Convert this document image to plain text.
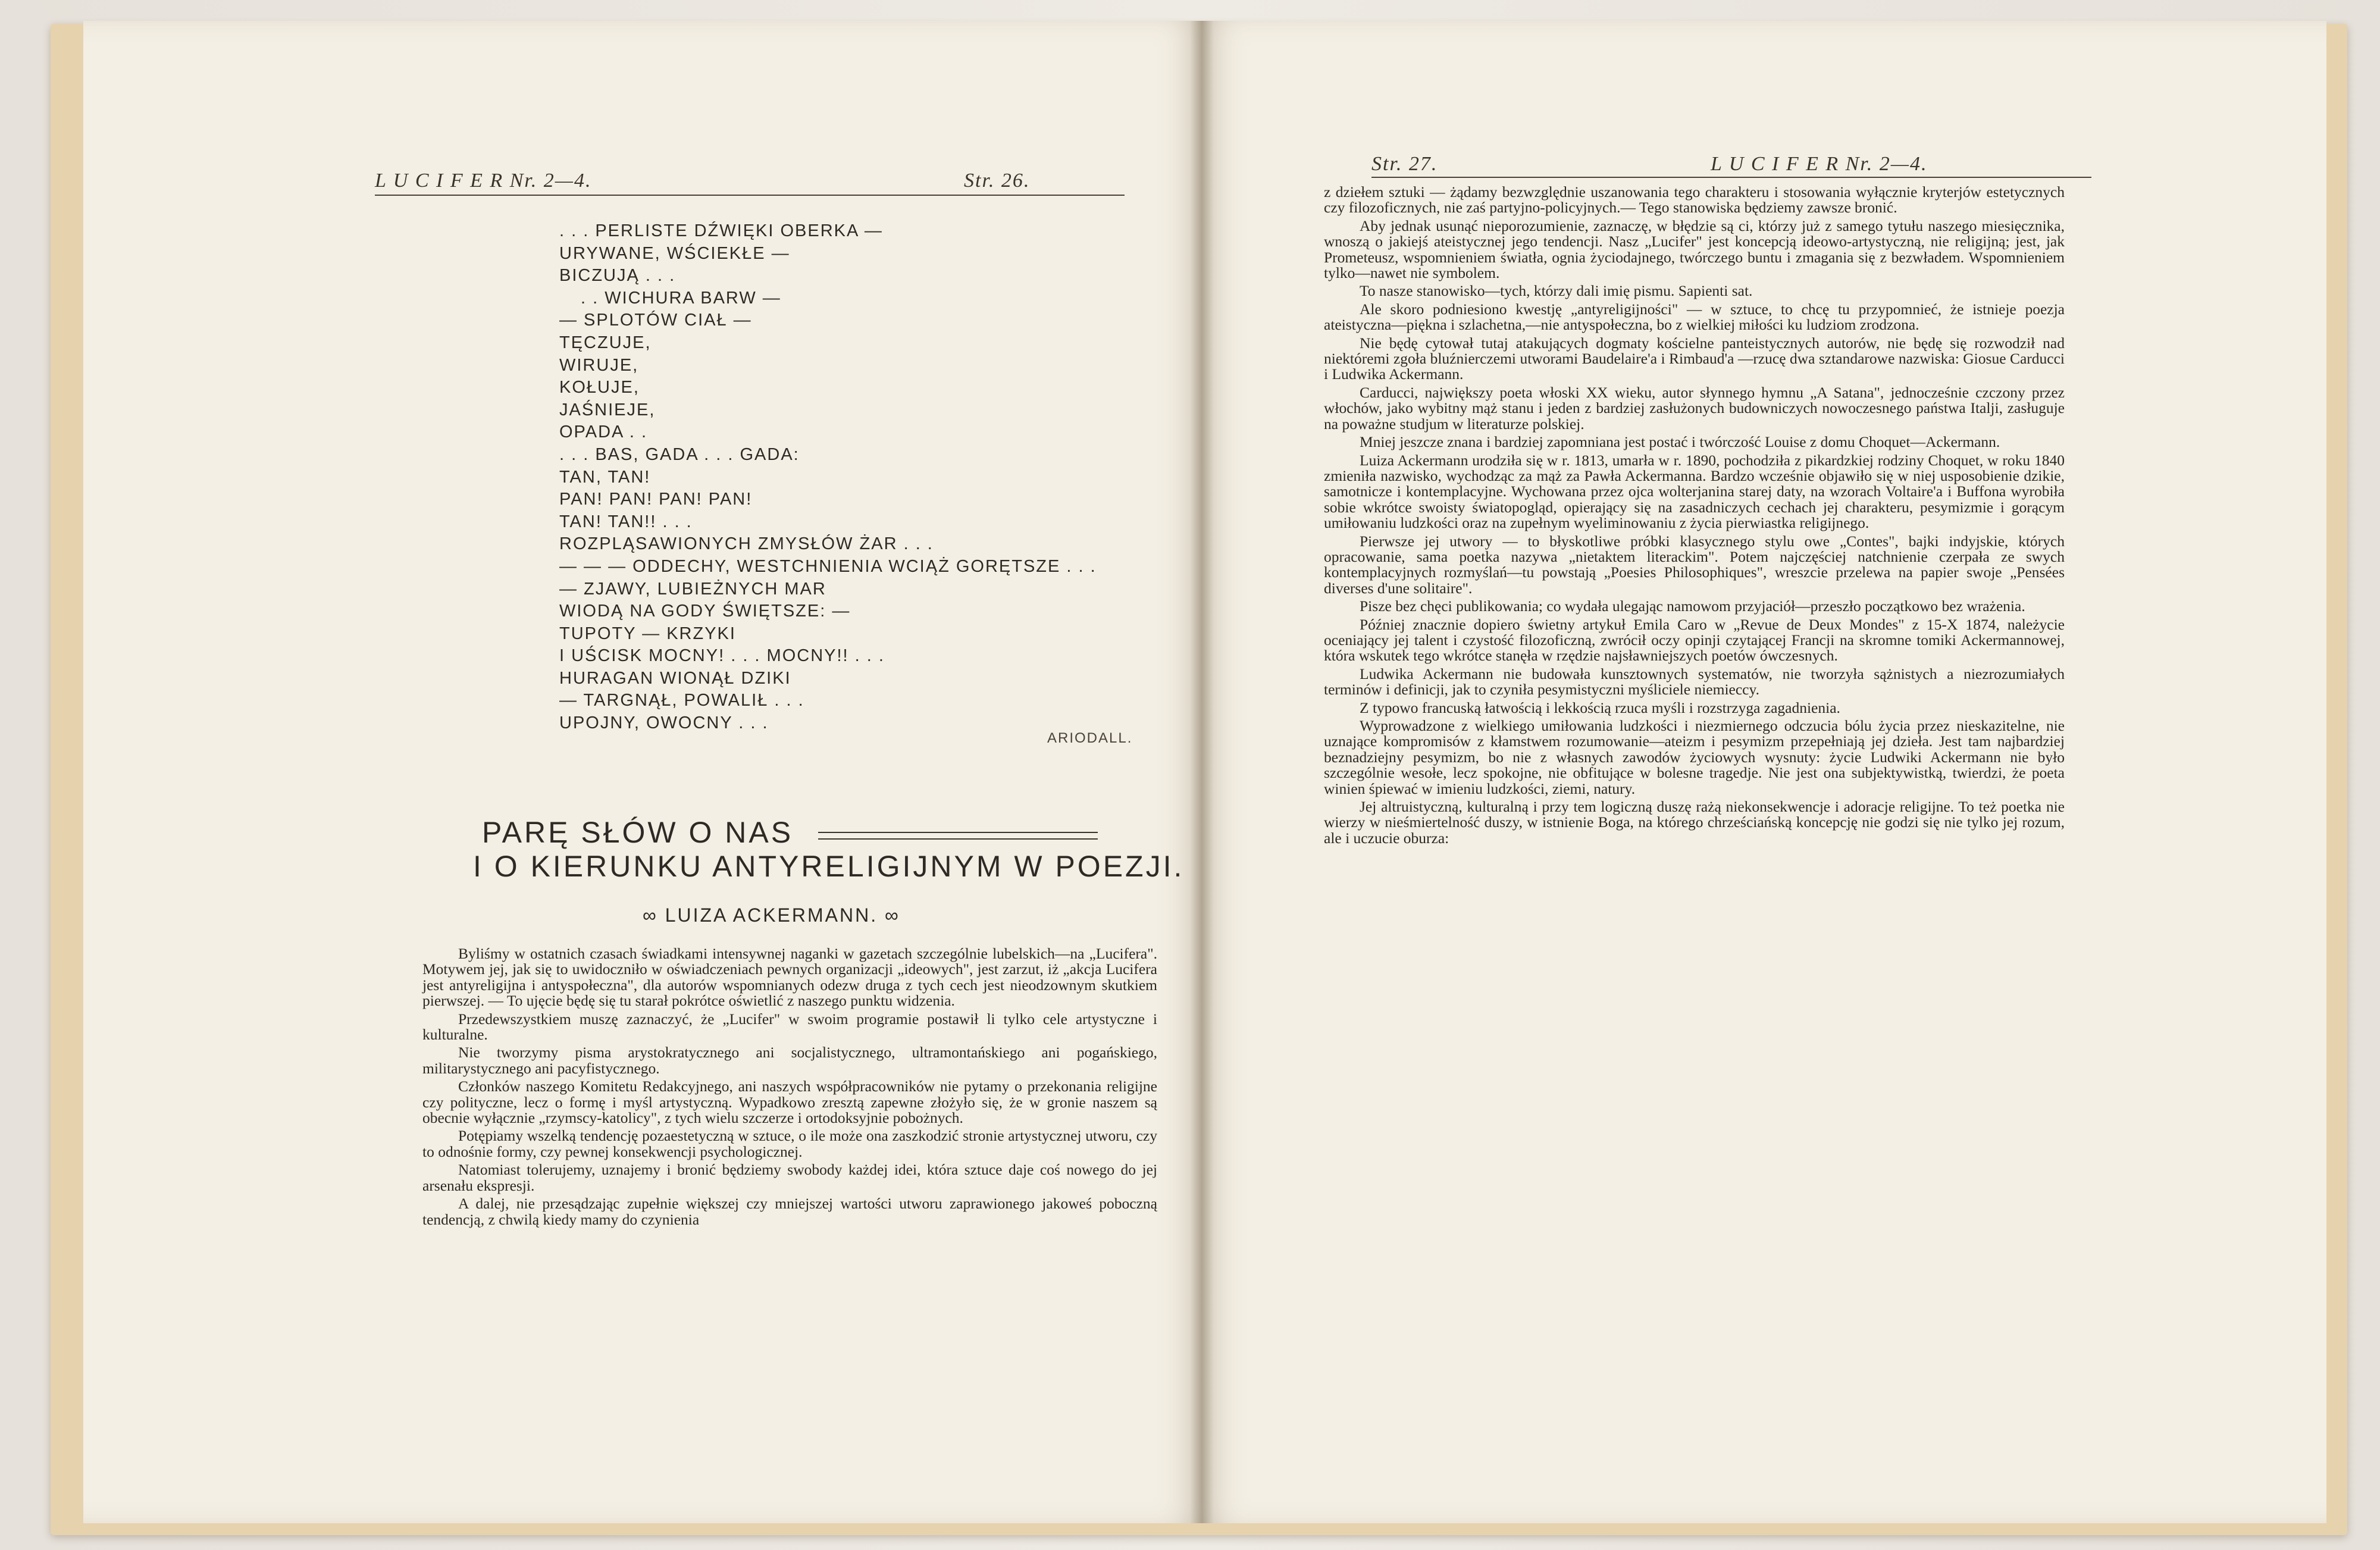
L U C I F E R Nr. 2—4.	Str. 26.
. . . PERLISTE DŹWIĘKI OBERKA —
URYWANE, WŚCIEKŁE —
BICZUJĄ . . .
. . WICHURA BARW —
— SPLOTÓW CIAŁ —
TĘCZUJE,
WIRUJE,
KOŁUJE,
JAŚNIEJE,
OPADA . .
. . . BAS, GADA . . . GADA:
TAN, TAN!
PAN! PAN! PAN! PAN!
TAN! TAN!! . . .
ROZPLĄSAWIONYCH ZMYSŁÓW ŻAR . . .
— — — ODDECHY, WESTCHNIENIA WCIĄŻ GORĘTSZE . . .
— ZJAWY, LUBIEŻNYCH MAR
WIODĄ NA GODY ŚWIĘTSZE: —
TUPOTY — KRZYKI
I UŚCISK MOCNY! . . . MOCNY!! . . .
HURAGAN WIONĄŁ DZIKI
— TARGNĄŁ, POWALIŁ . . .
UPOJNY, OWOCNY . . .
ARIODALL.
PARĘ SŁÓW O NAS
I O KIERUNKU ANTYRELIGIJNYM W POEZJI.
∞ LUIZA ACKERMANN. ∞

Byliśmy w ostatnich czasach świadkami intensywnej naganki w gazetach szczególnie lubelskich—na „Lucifera". Motywem jej, jak się to uwidoczniło w oświadczeniach pewnych organizacji „ideowych", jest zarzut, iż „akcja Lucifera jest antyreligijna i antyspołeczna", dla autorów wspomnianych odezw druga z tych cech jest nieodzownym skutkiem pierwszej. — To ujęcie będę się tu starał pokrótce oświetlić z naszego punktu widzenia.

Przedewszystkiem muszę zaznaczyć, że „Lucifer" w swoim programie postawił li tylko cele artystyczne i kulturalne.

Nie tworzymy pisma arystokratycznego ani socjalistycznego, ultramontańskiego ani pogańskiego, militarystycznego ani pacyfistycznego.

Członków naszego Komitetu Redakcyjnego, ani naszych współpracowników nie pytamy o przekonania religijne czy polityczne, lecz o formę i myśl artystyczną. Wypadkowo zresztą zapewne złożyło się, że w gronie naszem są obecnie wyłącznie „rzymscy-katolicy", z tych wielu szczerze i ortodoksyjnie pobożnych.

Potępiamy wszelką tendencję pozaestetyczną w sztuce, o ile może ona zaszkodzić stronie artystycznej utworu, czy to odnośnie formy, czy pewnej konsekwencji psychologicznej.

Natomiast tolerujemy, uznajemy i bronić będziemy swobody każdej idei, która sztuce daje coś nowego do jej arsenału ekspresji.

A dalej, nie przesądzając zupełnie większej czy mniejszej wartości utworu zaprawionego jakoweś poboczną tendencją, z chwilą kiedy mamy do czynienia

Str. 27.	L U C I F E R Nr. 2—4.

z dziełem sztuki — żądamy bezwzględnie uszanowania tego charakteru i stosowania wyłącznie kryterjów estetycznych czy filozoficznych, nie zaś partyjno-policyjnych.— Tego stanowiska będziemy zawsze bronić.

Aby jednak usunąć nieporozumienie, zaznaczę, w błędzie są ci, którzy już z samego tytułu naszego miesięcznika, wnoszą o jakiejś ateistycznej jego tendencji. Nasz „Lucifer" jest koncepcją ideowo-artystyczną, nie religijną; jest, jak Prometeusz, wspomnieniem światła, ognia życiodajnego, twórczego buntu i zmagania się z bezwładem. Wspomnieniem tylko—nawet nie symbolem.

To nasze stanowisko—tych, którzy dali imię pismu. Sapienti sat.

Ale skoro podniesiono kwestję „antyreligijności" — w sztuce, to chcę tu przypomnieć, że istnieje poezja ateistyczna—piękna i szlachetna,—nie antyspołeczna, bo z wielkiej miłości ku ludziom zrodzona.

Nie będę cytował tutaj atakujących dogmaty kościelne panteistycznych autorów, nie będę się rozwodził nad niektóremi zgoła bluźnierczemi utworami Baudelaire'a i Rimbaud'a —rzucę dwa sztandarowe nazwiska: Giosue Carducci i Ludwika Ackermann.

Carducci, największy poeta włoski XX wieku, autor słynnego hymnu „A Satana", jednocześnie czczony przez włochów, jako wybitny mąż stanu i jeden z bardziej zasłużonych budowniczych nowoczesnego państwa Italji, zasługuje na poważne studjum w literaturze polskiej.

Mniej jeszcze znana i bardziej zapomniana jest postać i twórczość Louise z domu Choquet—Ackermann.

Luiza Ackermann urodziła się w r. 1813, umarła w r. 1890, pochodziła z pikardzkiej rodziny Choquet, w roku 1840 zmieniła nazwisko, wychodząc za mąż za Pawła Ackermanna. Bardzo wcześnie objawiło się w niej usposobienie dzikie, samotnicze i kontemplacyjne. Wychowana przez ojca wolterjanina starej daty, na wzorach Voltaire'a i Buffona wyrobiła sobie wkrótce swoisty światopogląd, opierający się na zasadniczych cechach jej charakteru, pesymizmie i gorącym umiłowaniu ludzkości oraz na zupełnym wyeliminowaniu z życia pierwiastka religijnego.

Pierwsze jej utwory — to błyskotliwe próbki klasycznego stylu owe „Contes", bajki indyjskie, których opracowanie, sama poetka nazywa „nietaktem literackim". Potem najczęściej natchnienie czerpała ze swych kontemplacyjnych rozmyślań—tu powstają „Poesies Philosophiques", wreszcie przelewa na papier swoje „Pensées diverses d'une solitaire".

Pisze bez chęci publikowania; co wydała ulegając namowom przyjaciół—przeszło początkowo bez wrażenia.

Później znacznie dopiero świetny artykuł Emila Caro w „Revue de Deux Mondes" z 15-X 1874, należycie oceniający jej talent i czystość filozoficzną, zwrócił oczy opinji czytającej Francji na skromne tomiki Ackermannowej, która wskutek tego wkrótce stanęła w rzędzie najsławniejszych poetów ówczesnych.

Ludwika Ackermann nie budowała kunsztownych systematów, nie tworzyła sążnistych a niezrozumiałych terminów i definicji, jak to czyniła pesymistyczni myśliciele niemieccy.

Z typowo francuską łatwością i lekkością rzuca myśli i rozstrzyga zagadnienia.

Wyprowadzone z wielkiego umiłowania ludzkości i niezmiernego odczucia bólu życia przez nieskazitelne, nie uznające kompromisów z kłamstwem rozumowanie—ateizm i pesymizm przepełniają jej dzieła. Jest tam najbardziej beznadziejny pesymizm, bo nie z własnych zawodów życiowych wysnuty: życie Ludwiki Ackermann nie było szczególnie wesołe, lecz spokojne, nie obfitujące w bolesne tragedje. Nie jest ona subjektywistką, twierdzi, że poeta winien śpiewać w imieniu ludzkości, ziemi, natury.

Jej altruistyczną, kulturalną i przy tem logiczną duszę rażą niekonsekwencje i adoracje religijne. To też poetka nie wierzy w nieśmiertelność duszy, w istnienie Boga, na którego chrześciańską koncepcję nie godzi się nie tylko jej rozum, ale i uczucie oburza:
